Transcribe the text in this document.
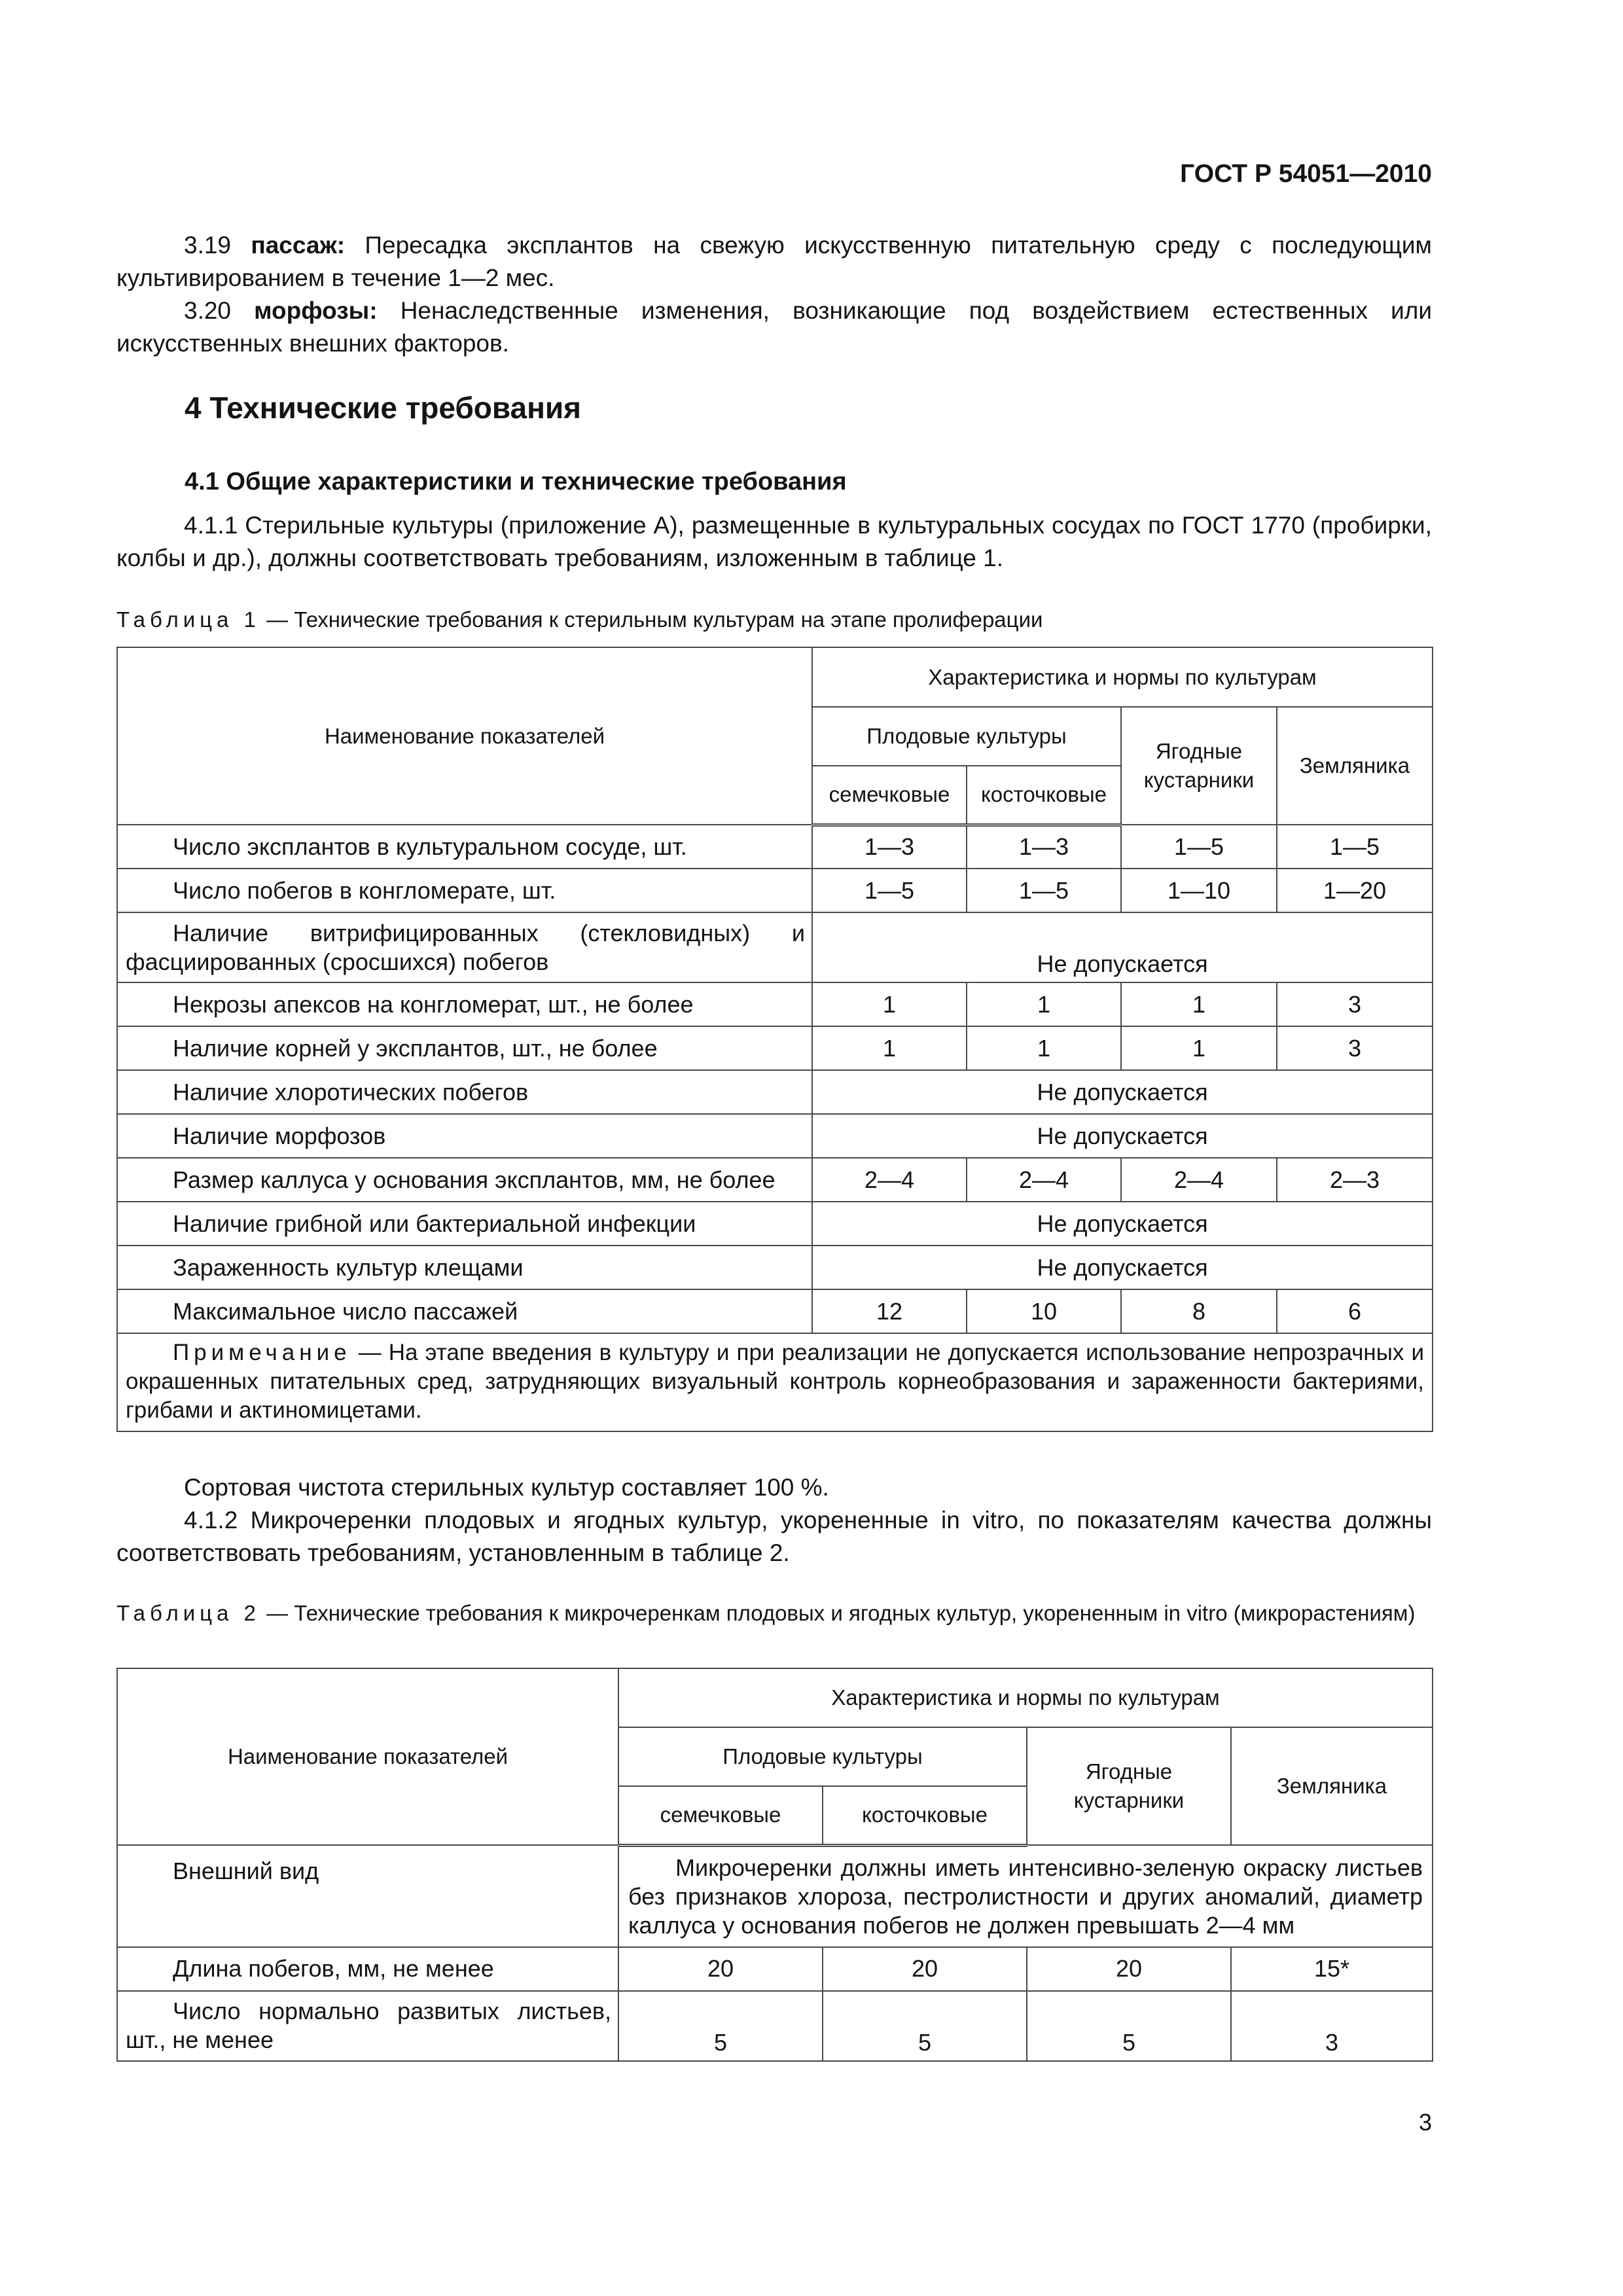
ГОСТ Р 54051—2010

3.19 пассаж: Пересадка эксплантов на свежую искусственную питательную среду с последующим культивированием в течение 1—2 мес.

3.20 морфозы: Ненаследственные изменения, возникающие под воздействием естественных или искусственных внешних факторов.

4 Технические требования
4.1 Общие характеристики и технические требования

4.1.1 Стерильные культуры (приложение А), размещенные в культуральных сосудах по ГОСТ 1770 (пробирки, колбы и др.), должны соответствовать требованиям, изложенным в таблице 1.

Таблица 1 — Технические требования к стерильным культурам на этапе пролиферации

Наименование показателей	Характеристика и нормы по культурам			
	Плодовые культуры		Ягодные кустарники	Земляника
	семечковые	косточковые		
Число эксплантов в культуральном сосуде, шт.	1—3	1—3	1—5	1—5
Число побегов в конгломерате, шт.	1—5	1—5	1—10	1—20
Наличие витрифицированных (стекловидных) и фасциированных (сросшихся) побегов	Не допускается			
Некрозы апексов на конгломерат, шт., не более	1	1	1	3
Наличие корней у эксплантов, шт., не более	1	1	1	3
Наличие хлоротических побегов	Не допускается			
Наличие морфозов	Не допускается			
Размер каллуса у основания эксплантов, мм, не более	2—4	2—4	2—4	2—3
Наличие грибной или бактериальной инфекции	Не допускается			
Зараженность культур клещами	Не допускается			
Максимальное число пассажей	12	10	8	6
Примечание — На этапе введения в культуру и при реализации не допускается использование непрозрачных и окрашенных питательных сред, затрудняющих визуальный контроль корнеобразования и зараженности бактериями, грибами и актиномицетами.				

Сортовая чистота стерильных культур составляет 100 %.

4.1.2 Микрочеренки плодовых и ягодных культур, укорененные in vitro, по показателям качества должны соответствовать требованиям, установленным в таблице 2.

Таблица 2 — Технические требования к микрочеренкам плодовых и ягодных культур, укорененным in vitro (микрорастениям)

Наименование показателей	Характеристика и нормы по культурам			
	Плодовые культуры		Ягодные кустарники	Земляника
	семечковые	косточковые		
Внешний вид	Микрочеренки должны иметь интенсивно-зеленую окраску листьев без признаков хлороза, пестролистности и других аномалий, диаметр каллуса у основания побегов не должен превышать 2—4 мм			
Длина побегов, мм, не менее	20	20	20	15*
Число нормально развитых листьев, шт., не менее	5	5	5	3
3
